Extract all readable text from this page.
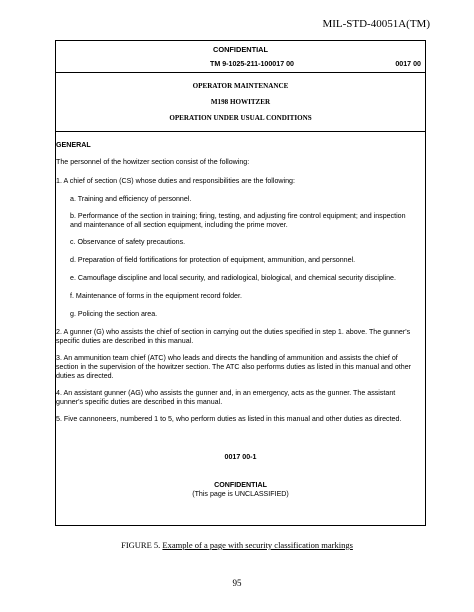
MIL-STD-40051A(TM)
CONFIDENTIAL
TM 9-1025-211-100017 00	0017 00
OPERATOR MAINTENANCE
M198 HOWITZER
OPERATION UNDER USUAL CONDITIONS
GENERAL
The personnel of the howitzer section consist of the following:
1. A chief of section (CS) whose duties and responsibilities are the following:
a. Training and efficiency of personnel.
b. Performance of the section in training; firing, testing, and adjusting fire control equipment; and inspection and maintenance of all section equipment, including the prime mover.
c. Observance of safety precautions.
d. Preparation of field fortifications for protection of equipment, ammunition, and personnel.
e. Camouflage discipline and local security, and radiological, biological, and chemical security discipline.
f. Maintenance of forms in the equipment record folder.
g. Policing the section area.
2. A gunner (G) who assists the chief of section in carrying out the duties specified in step 1. above. The gunner's specific duties are described in this manual.
3. An ammunition team chief (ATC) who leads and directs the handling of ammunition and assists the chief of section in the supervision of the howitzer section. The ATC also performs duties as listed in this manual and other duties as directed.
4. An assistant gunner (AG) who assists the gunner and, in an emergency, acts as the gunner. The assistant gunner's specific duties are described in this manual.
5. Five cannoneers, numbered 1 to 5, who perform duties as listed in this manual and other duties as directed.
0017 00-1
CONFIDENTIAL
(This page is UNCLASSIFIED)
FIGURE 5. Example of a page with security classification markings
95
